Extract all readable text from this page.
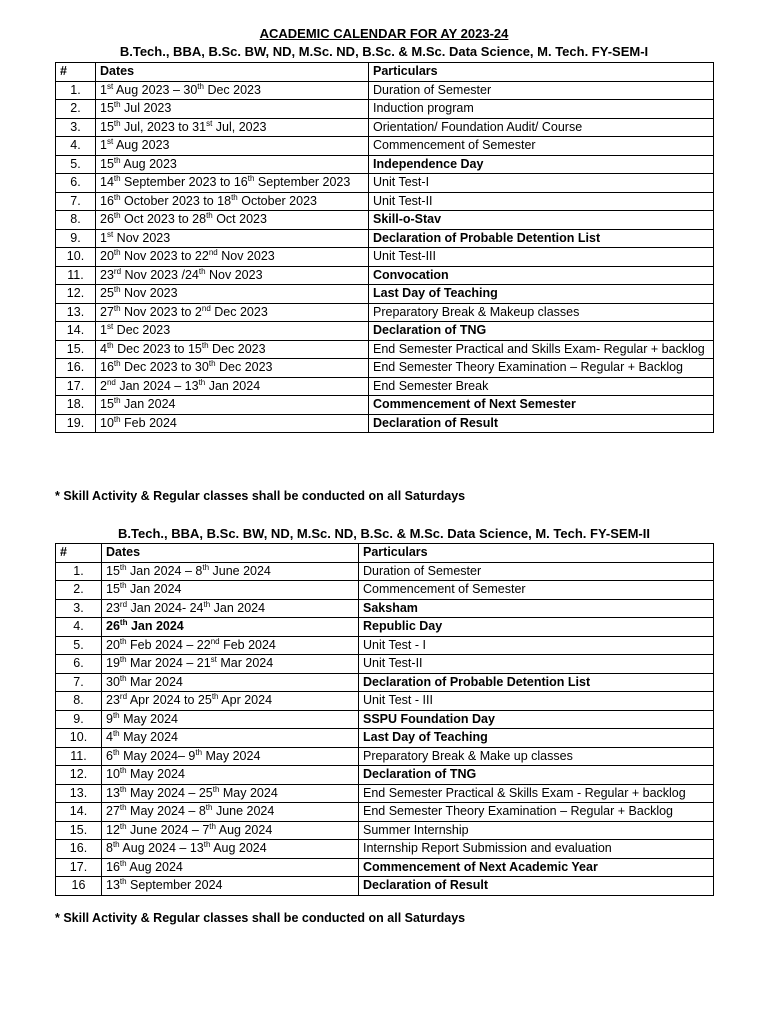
ACADEMIC CALENDAR FOR AY 2023-24
B.Tech., BBA, B.Sc. BW, ND, M.Sc. ND, B.Sc. & M.Sc. Data Science, M. Tech. FY-SEM-I
#	Dates	Particulars
1.	1st Aug 2023 – 30th Dec 2023	Duration of Semester
2.	15th Jul 2023	Induction program
3.	15th Jul, 2023 to 31st Jul, 2023	Orientation/ Foundation Audit/ Course
4.	1st Aug 2023	Commencement of Semester
5.	15th Aug 2023	Independence Day
6.	14th September 2023 to 16th September 2023	Unit Test-I
7.	16th October 2023 to 18th October 2023	Unit Test-II
8.	26th Oct 2023 to 28th Oct 2023	Skill-o-Stav
9.	1st Nov 2023	Declaration of Probable Detention List
10.	20th Nov 2023 to 22nd Nov 2023	Unit Test-III
11.	23rd Nov 2023 /24th Nov 2023	Convocation
12.	25th Nov 2023	Last Day of Teaching
13.	27th Nov 2023 to 2nd Dec 2023	Preparatory Break & Makeup classes
14.	1st Dec 2023	Declaration of TNG
15.	4th Dec 2023 to 15th Dec 2023	End Semester Practical and Skills Exam- Regular + backlog
16.	16th Dec 2023 to 30th Dec 2023	End Semester Theory Examination – Regular + Backlog
17.	2nd Jan 2024 – 13th Jan 2024	End Semester Break
18.	15th Jan 2024	Commencement of Next Semester
19.	10th Feb 2024	Declaration of Result
* Skill Activity & Regular classes shall be conducted on all Saturdays
B.Tech., BBA, B.Sc. BW, ND, M.Sc. ND, B.Sc. & M.Sc. Data Science, M. Tech. FY-SEM-II
#	Dates	Particulars
1.	15th Jan 2024 – 8th June 2024	Duration of Semester
2.	15th Jan 2024	Commencement of Semester
3.	23rd Jan 2024- 24th Jan 2024	Saksham
4.	26th Jan 2024	Republic Day
5.	20th Feb 2024 – 22nd Feb 2024	Unit Test - I
6.	19th Mar 2024 – 21st Mar 2024	Unit Test-II
7.	30th Mar 2024	Declaration of Probable Detention List
8.	23rd Apr 2024 to 25th Apr 2024	Unit Test - III
9.	9th May 2024	SSPU Foundation Day
10.	4th May 2024	Last Day of Teaching
11.	6th May 2024– 9th May 2024	Preparatory Break & Make up classes
12.	10th May 2024	Declaration of TNG
13.	13th May 2024 – 25th May 2024	End Semester Practical & Skills Exam - Regular + backlog
14.	27th May 2024 – 8th June 2024	End Semester Theory Examination – Regular + Backlog
15.	12th June 2024 – 7th Aug 2024	Summer Internship
16.	8th Aug 2024 – 13th Aug 2024	Internship Report Submission and evaluation
17.	16th Aug 2024	Commencement of Next Academic Year
16	13th September 2024	Declaration of Result
* Skill Activity & Regular classes shall be conducted on all Saturdays
